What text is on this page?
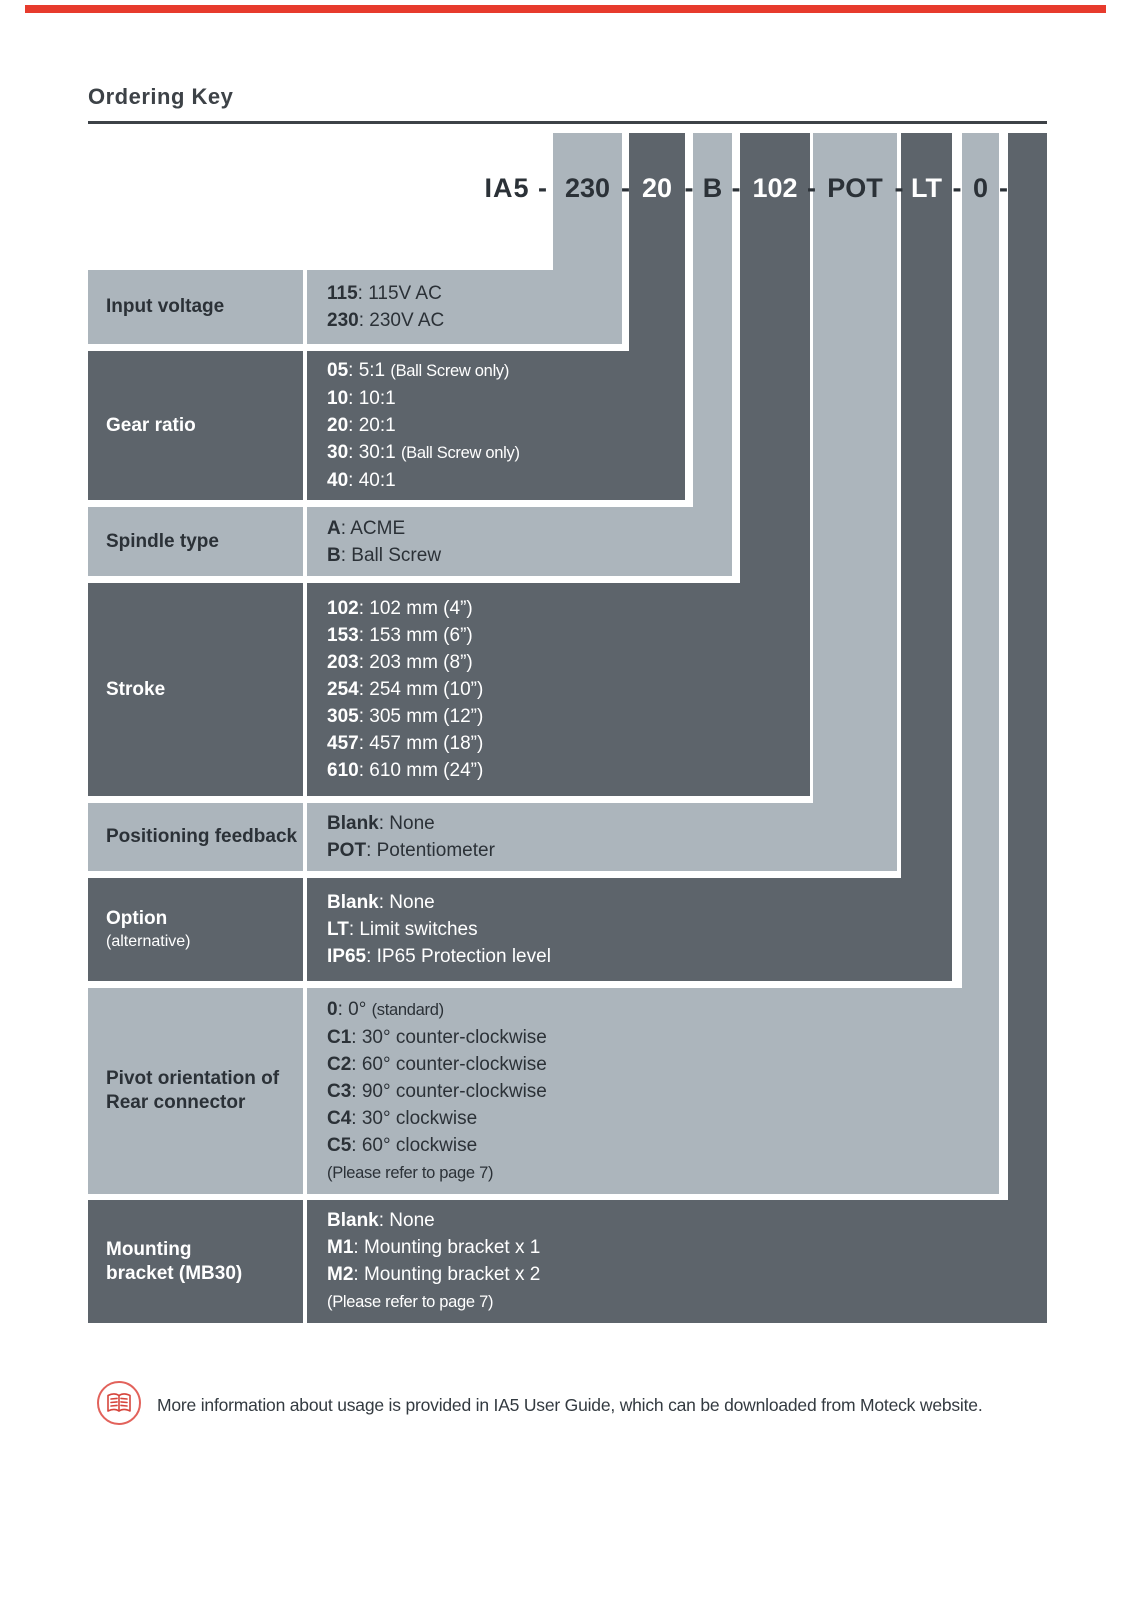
Ordering Key
IA5 - 230 - 20 - B - 102 - POT - LT - 0 -
Input voltage
115: 115V AC
230: 230V AC
Gear ratio
05: 5:1 (Ball Screw only)
10: 10:1
20: 20:1
30: 30:1 (Ball Screw only)
40: 40:1
Spindle type
A: ACME
B: Ball Screw
Stroke
102: 102 mm (4”)
153: 153 mm (6”)
203: 203 mm (8”)
254: 254 mm (10”)
305: 305 mm (12”)
457: 457 mm (18”)
610: 610 mm (24”)
Positioning feedback
Blank: None
POT: Potentiometer
Option
(alternative)
Blank: None
LT: Limit switches
IP65: IP65 Protection level
Pivot orientation of
Rear connector
0: 0° (standard)
C1: 30° counter-clockwise
C2: 60° counter-clockwise
C3: 90° counter-clockwise
C4: 30° clockwise
C5: 60° clockwise
(Please refer to page 7)
Mounting
bracket (MB30)
Blank: None
M1: Mounting bracket x 1
M2: Mounting bracket x 2
(Please refer to page 7)
More information about usage is provided in IA5 User Guide, which can be downloaded from Moteck website.
